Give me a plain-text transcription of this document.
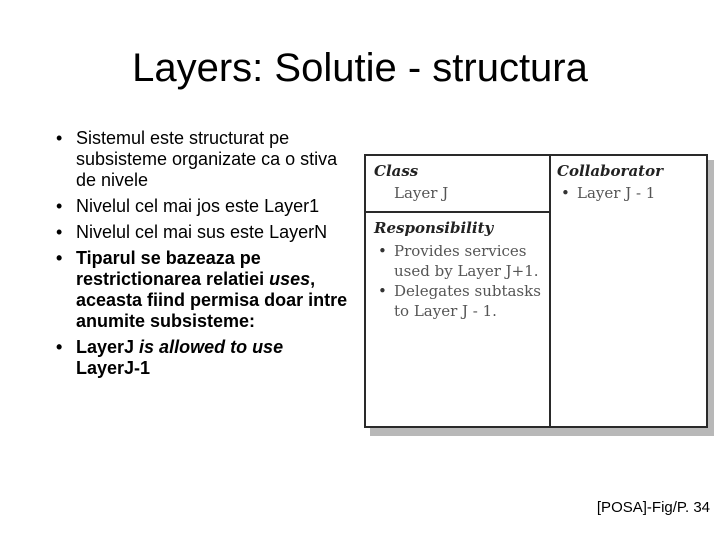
Layers: Solutie - structura
• Sistemul este structurat pe subsisteme organizate ca o stiva de nivele
• Nivelul cel mai jos este Layer1
• Nivelul cel mai sus este LayerN
• Tiparul se bazeaza pe restrictionarea relatiei uses, aceasta fiind permisa doar intre anumite subsisteme:
• LayerJ is allowed to use LayerJ-1
Class
Layer J
Collaborator
• Layer J - 1
Responsibility
• Provides services used by Layer J+1.
• Delegates subtasks to Layer J - 1.
[POSA]-Fig/P. 34
